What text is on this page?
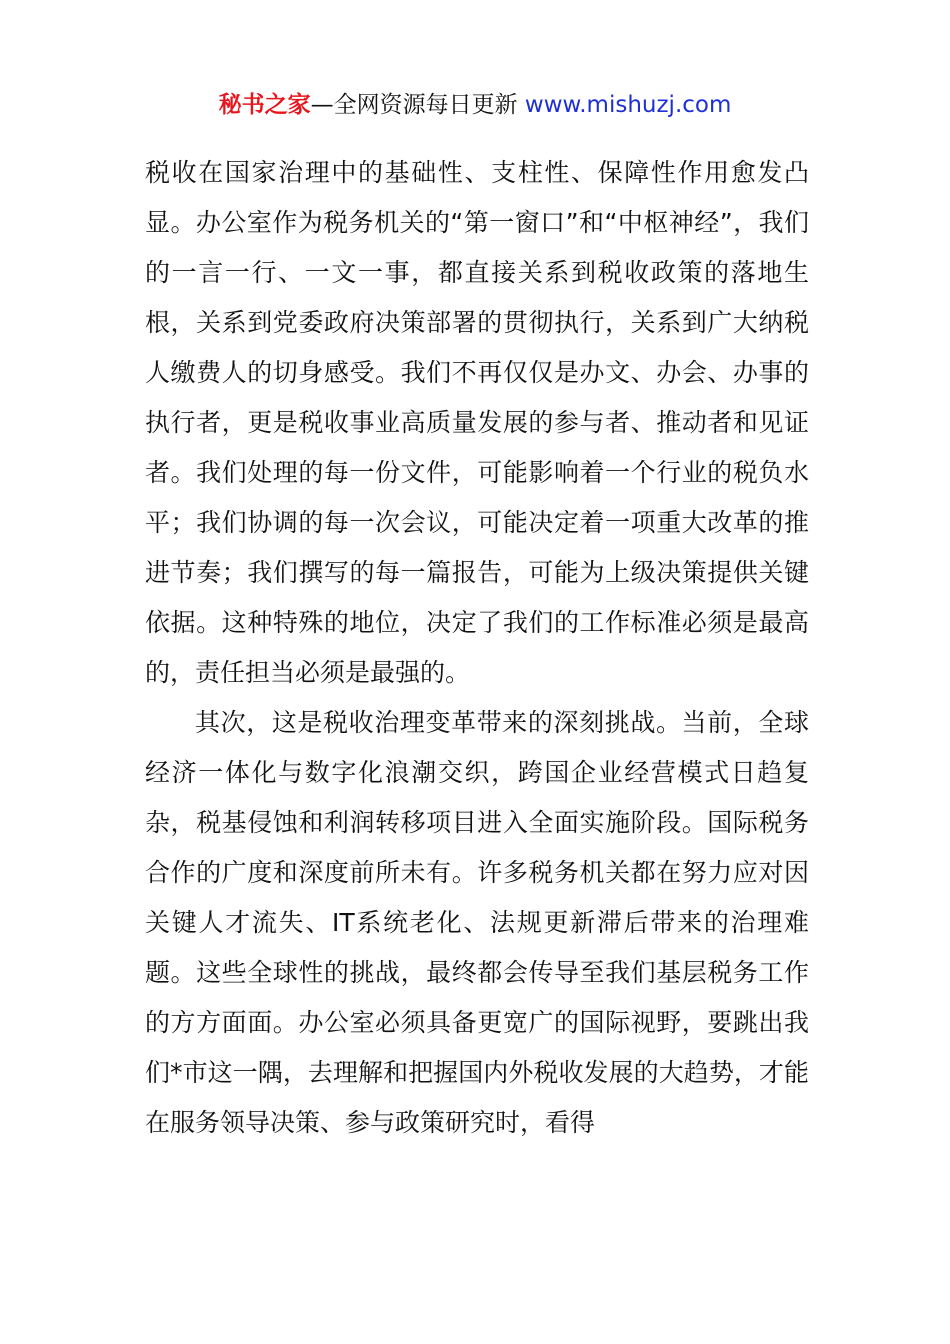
秘书之家—全网资源每日更新 www.mishuzj.com

税收在国家治理中的基础性、支柱性、保障性作用愈发凸显。办公室作为税务机关的“第一窗口”和“中枢神经”，我们的一言一行、一文一事，都直接关系到税收政策的落地生根，关系到党委政府决策部署的贯彻执行，关系到广大纳税人缴费人的切身感受。我们不再仅仅是办文、办会、办事的执行者，更是税收事业高质量发展的参与者、推动者和见证者。我们处理的每一份文件，可能影响着一个行业的税负水平；我们协调的每一次会议，可能决定着一项重大改革的推进节奏；我们撰写的每一篇报告，可能为上级决策提供关键依据。这种特殊的地位，决定了我们的工作标准必须是最高的，责任担当必须是最强的。

其次，这是税收治理变革带来的深刻挑战。当前，全球经济一体化与数字化浪潮交织，跨国企业经营模式日趋复杂，税基侵蚀和利润转移项目进入全面实施阶段。国际税务合作的广度和深度前所未有。许多税务机关都在努力应对因关键人才流失、IT系统老化、法规更新滞后带来的治理难题。这些全球性的挑战，最终都会传导至我们基层税务工作的方方面面。办公室必须具备更宽广的国际视野，要跳出我们*市这一隅，去理解和把握国内外税收发展的大趋势，才能在服务领导决策、参与政策研究时，看得
